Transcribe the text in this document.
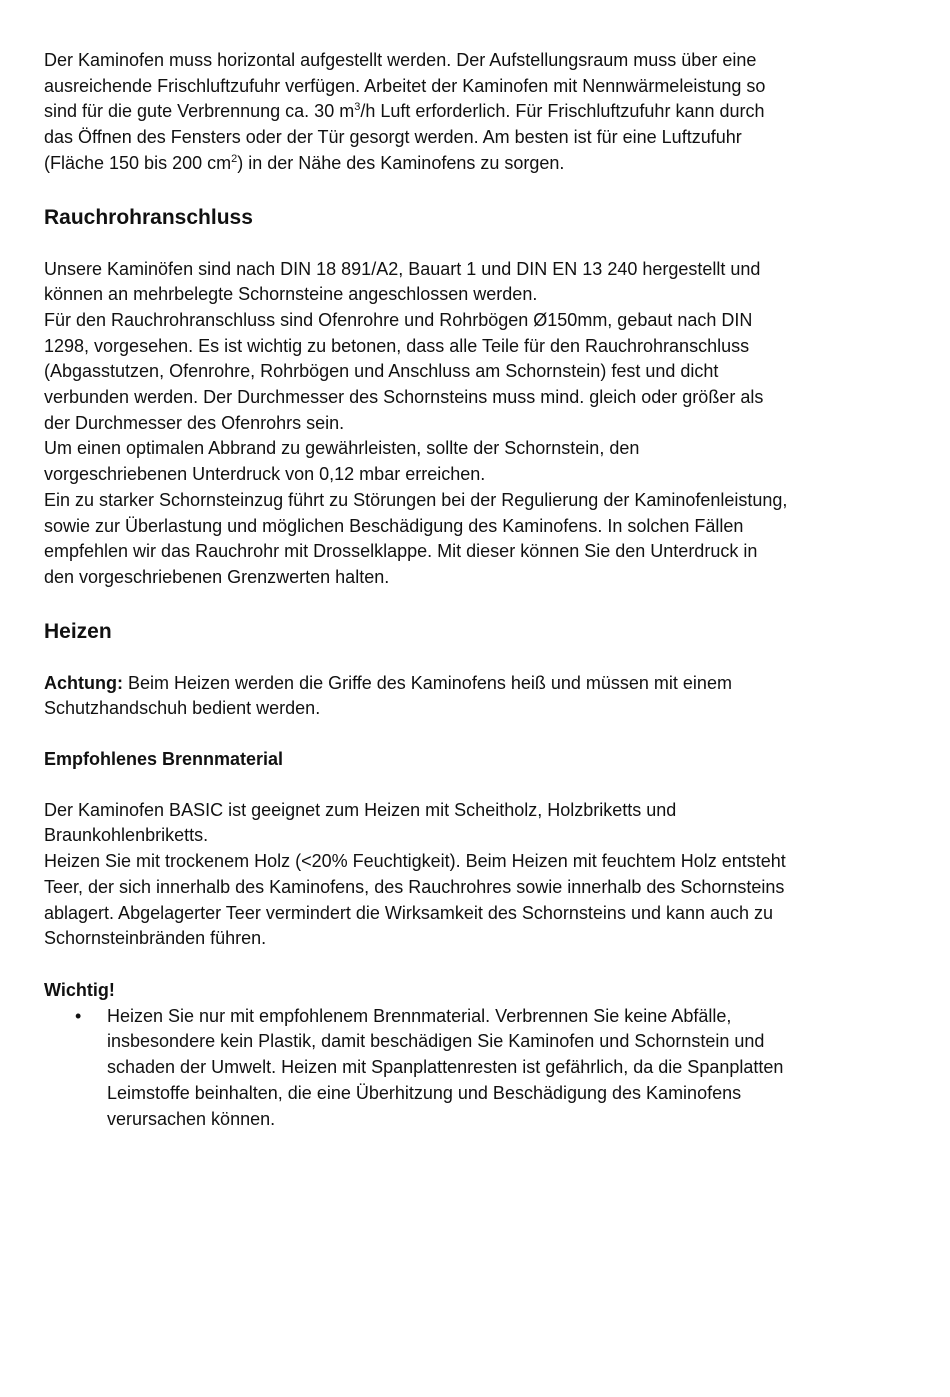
Der Kaminofen muss horizontal aufgestellt werden. Der Aufstellungsraum muss über eine

ausreichende Frischluftzufuhr verfügen. Arbeitet der Kaminofen mit Nennwärmeleistung so

sind für die gute Verbrennung ca. 30 $m^3/h$ Luft erforderlich. Für Frischluftzufuhr kann durch

das Öffnen des Fensters oder der Tür gesorgt werden. Am besten ist für eine Luftzufuhr

(Fläche 150 bis 200 $cm^2$) in der Nähe des Kaminofens zu sorgen.

Rauchrohranschluss

Unsere Kaminöfen sind nach DIN 18 891/A2, Bauart 1 und DIN EN 13 240 hergestellt und

können an mehrbelegte Schornsteine angeschlossen werden.

Für den Rauchrohranschluss sind Ofenrohre und Rohrbögen Ø150mm, gebaut nach DIN

1298, vorgesehen. Es ist wichtig zu betonen, dass alle Teile für den Rauchrohranschluss

(Abgasstutzen, Ofenrohre, Rohrbögen und Anschluss am Schornstein) fest und dicht

verbunden werden. Der Durchmesser des Schornsteins muss mind. gleich oder größer als

der Durchmesser des Ofenrohrs sein.

Um einen optimalen Abbrand zu gewährleisten, sollte der Schornstein, den

vorgeschriebenen Unterdruck von 0,12 mbar erreichen.

Ein zu starker Schornsteinzug führt zu Störungen bei der Regulierung der Kaminofenleistung,

sowie zur Überlastung und möglichen Beschädigung des Kaminofens. In solchen Fällen

empfehlen wir das Rauchrohr mit Drosselklappe. Mit dieser können Sie den Unterdruck in

den vorgeschriebenen Grenzwerten halten.

Heizen

Achtung: Beim Heizen werden die Griffe des Kaminofens heiß und müssen mit einem

Schutzhandschuh bedient werden.

Empfohlenes Brennmaterial

Der Kaminofen BASIC ist geeignet zum Heizen mit Scheitholz, Holzbriketts und

Braunkohlenbriketts.

Heizen Sie mit trockenem Holz (<20% Feuchtigkeit). Beim Heizen mit feuchtem Holz entsteht

Teer, der sich innerhalb des Kaminofens, des Rauchrohres sowie innerhalb des Schornsteins

ablagert. Abgelagerter Teer vermindert die Wirksamkeit des Schornsteins und kann auch zu

Schornsteinbränden führen.

Wichtig!

• Heizen Sie nur mit empfohlenem Brennmaterial. Verbrennen Sie keine Abfälle,
insbesondere kein Plastik, damit beschädigen Sie Kaminofen und Schornstein und
schaden der Umwelt. Heizen mit Spanplattenresten ist gefährlich, da die Spanplatten
Leimstoffe beinhalten, die eine Überhitzung und Beschädigung des Kaminofens
verursachen können.
